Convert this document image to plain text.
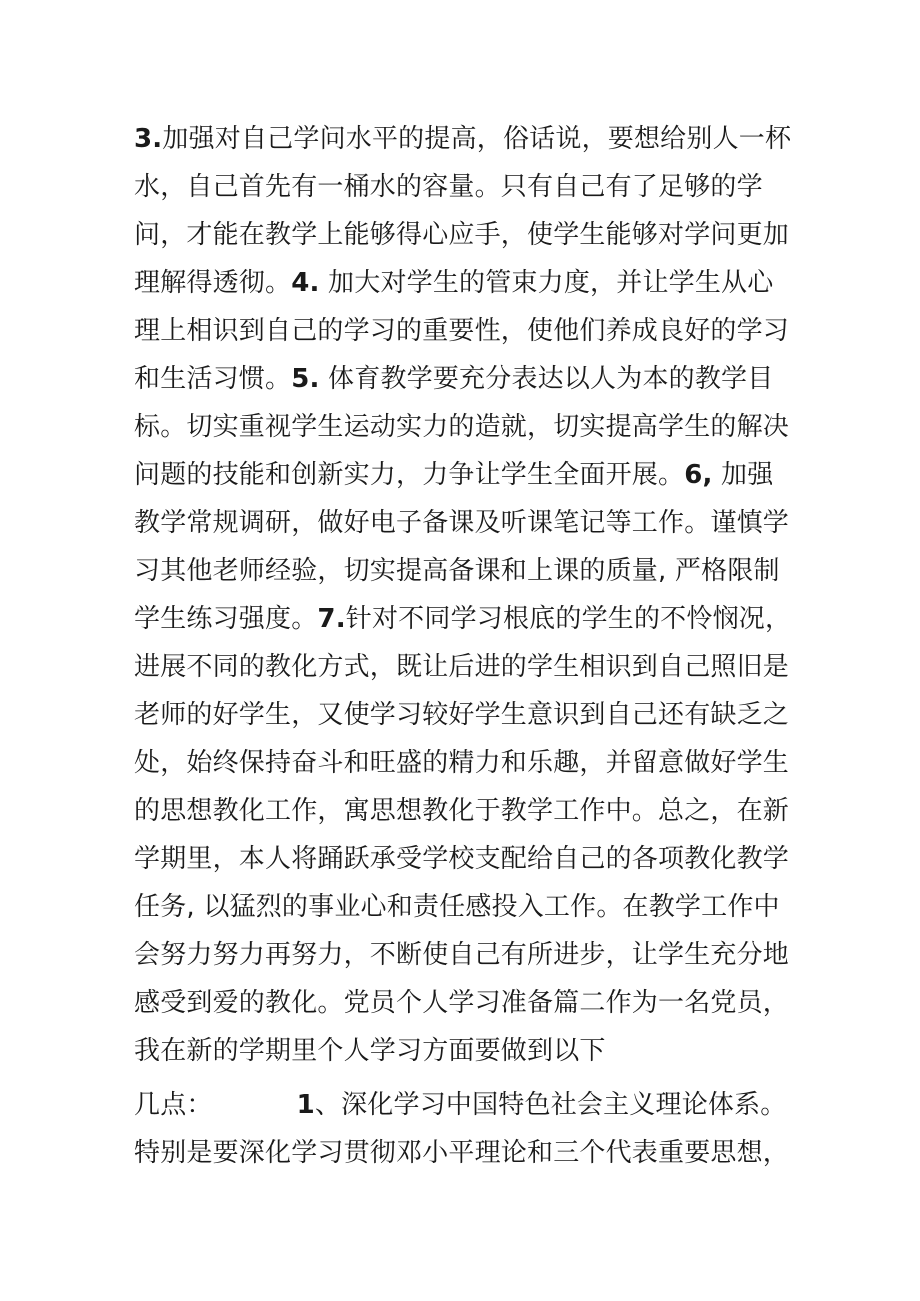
3.加强对自己学问水平的提高，俗话说，要想给别人一杯
水，自己首先有一桶水的容量。只有自己有了足够的学
问，才能在教学上能够得心应手，使学生能够对学问更加
理解得透彻。4. 加大对学生的管束力度，并让学生从心
理上相识到自己的学习的重要性，使他们养成良好的学习
和生活习惯。5. 体育教学要充分表达以人为本的教学目
标。切实重视学生运动实力的造就，切实提高学生的解决
问题的技能和创新实力，力争让学生全面开展。6, 加强
教学常规调研，做好电子备课及听课笔记等工作。谨慎学
习其他老师经验，切实提高备课和上课的质量, 严格限制
学生练习强度。7.针对不同学习根底的学生的不怜悯况，
进展不同的教化方式，既让后进的学生相识到自己照旧是
老师的好学生，又使学习较好学生意识到自己还有缺乏之
处，始终保持奋斗和旺盛的精力和乐趣，并留意做好学生
的思想教化工作，寓思想教化于教学工作中。总之，在新
学期里，本人将踊跃承受学校支配给自己的各项教化教学
任务, 以猛烈的事业心和责任感投入工作。在教学工作中
会努力努力再努力，不断使自己有所进步，让学生充分地
感受到爱的教化。党员个人学习准备篇二作为一名党员，
我在新的学期里个人学习方面要做到以下
几点：	1、深化学习中国特色社会主义理论体系。
特别是要深化学习贯彻邓小平理论和三个代表重要思想，
